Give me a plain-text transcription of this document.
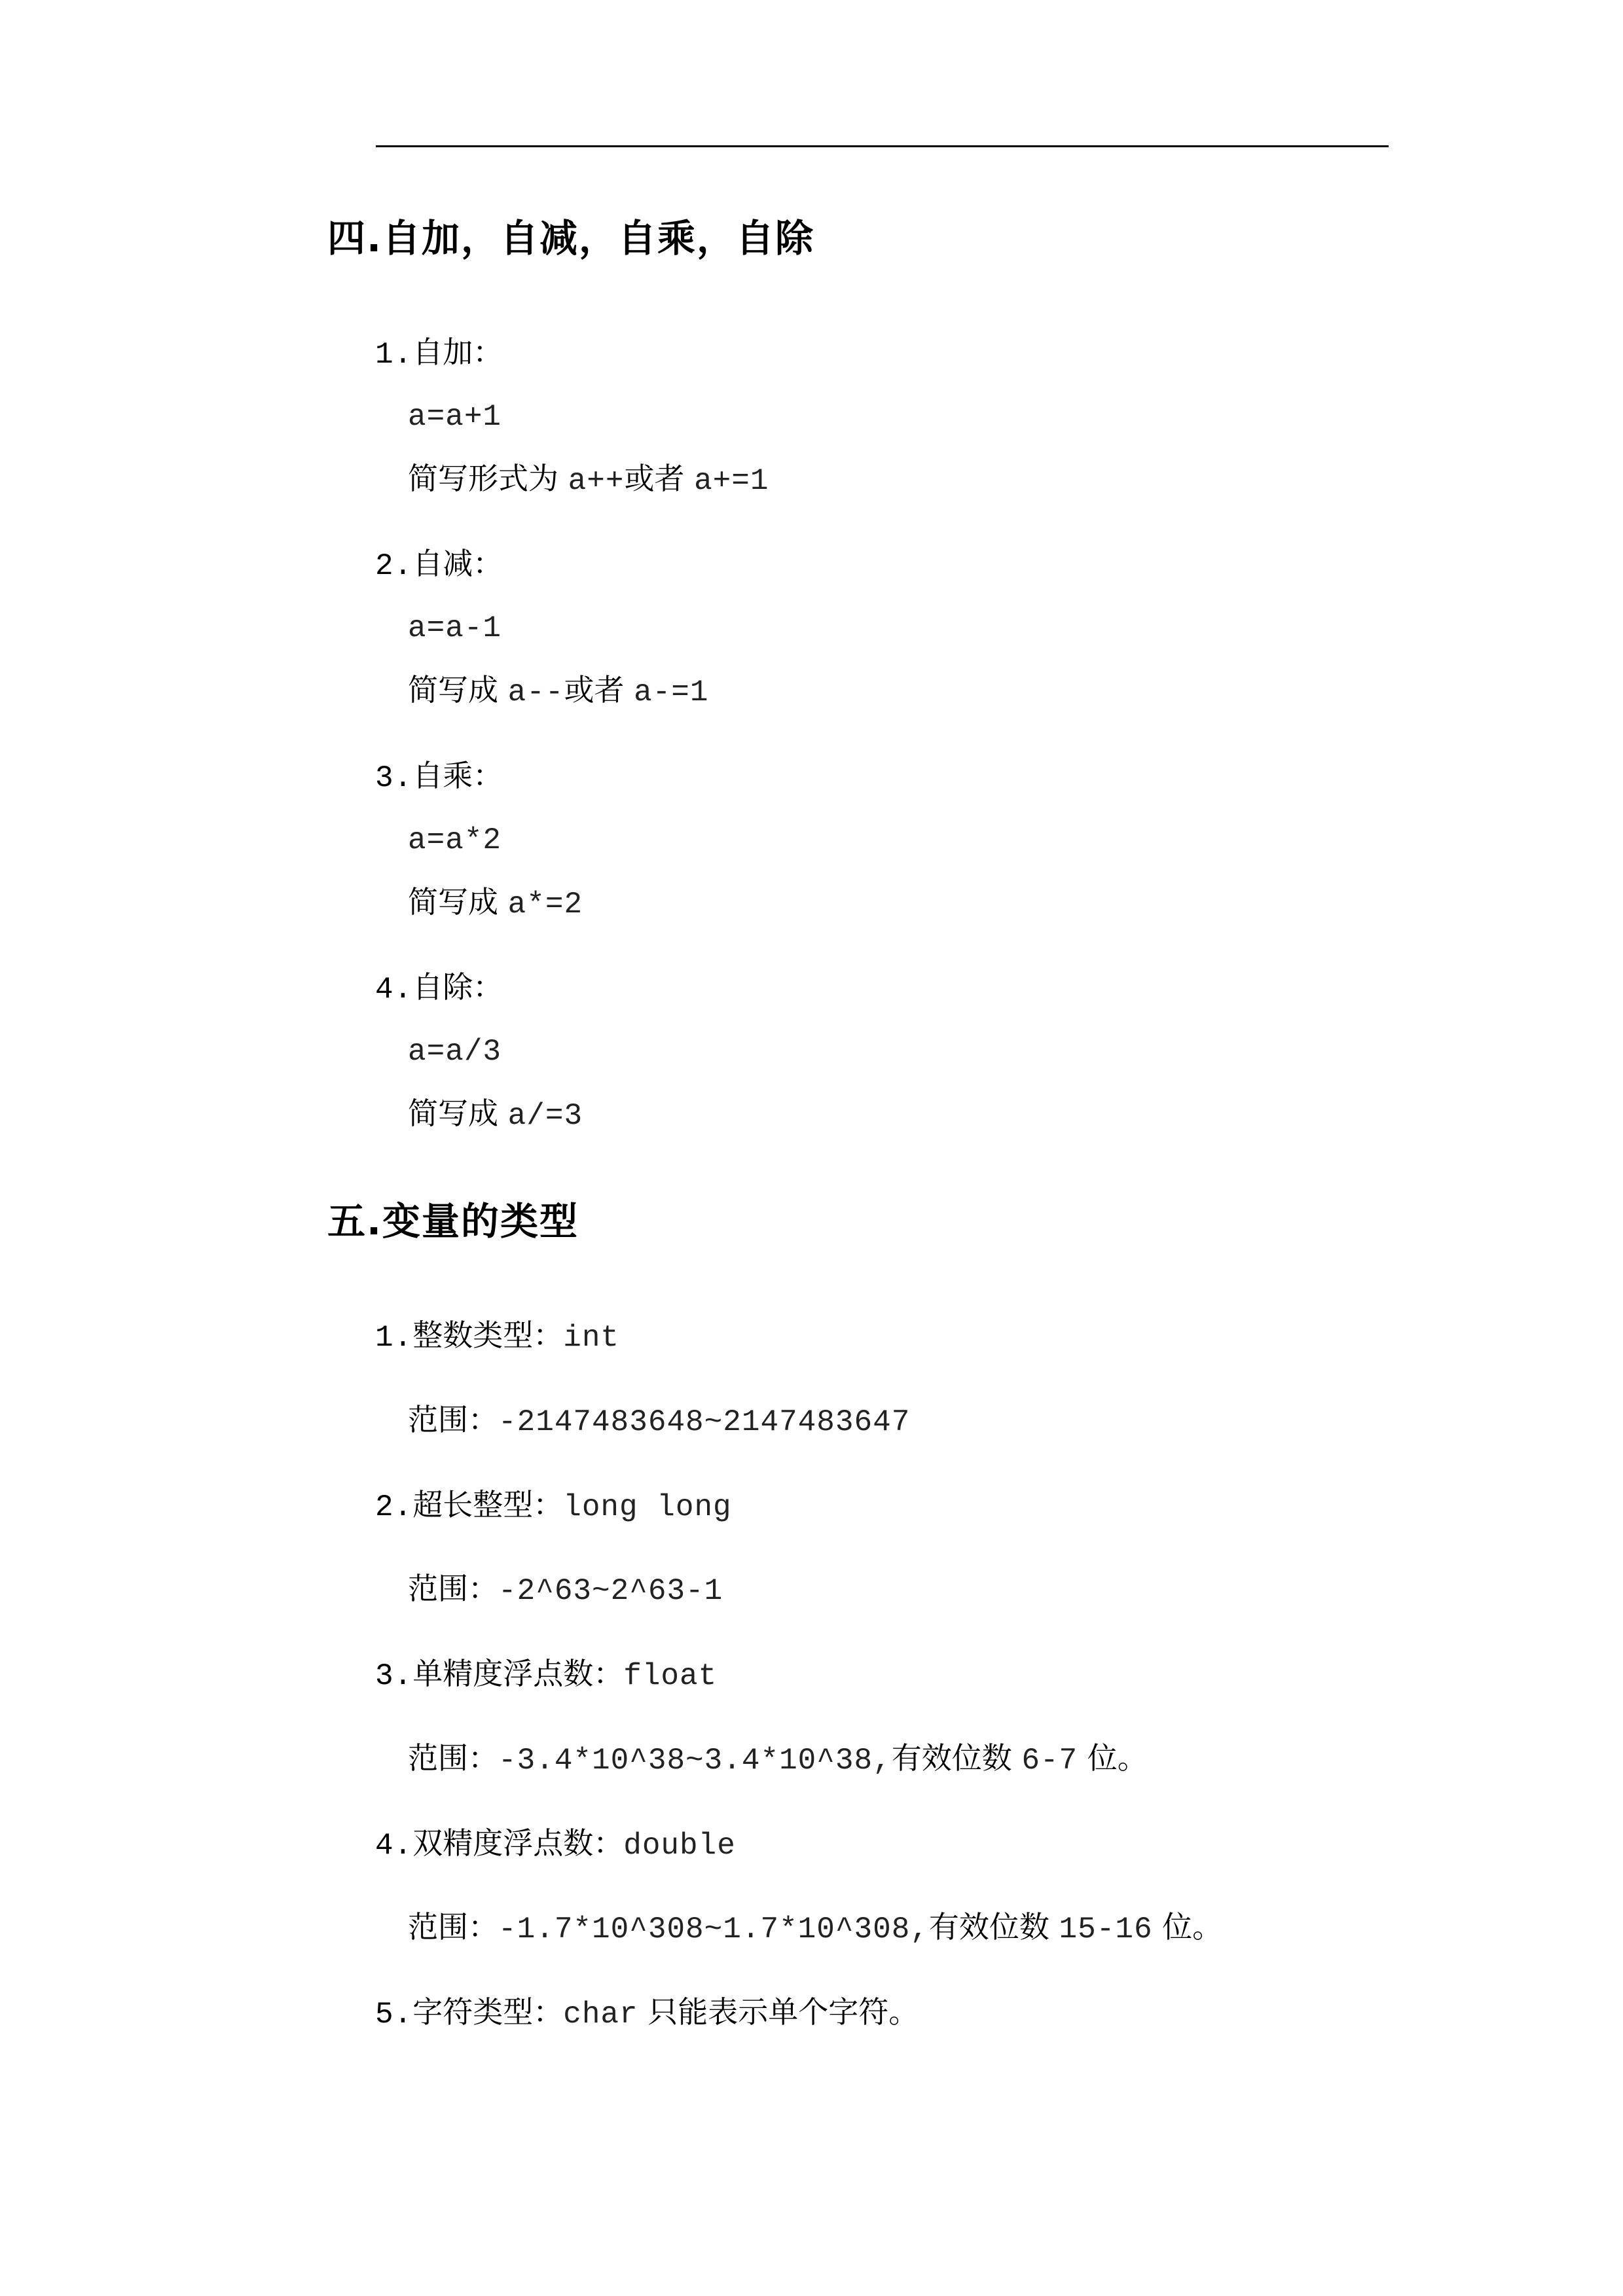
四.自加，自减，自乘，自除
1.自加：
a=a+1
简写形式为 a++或者 a+=1
2.自减：
a=a-1
简写成 a--或者 a-=1
3.自乘：
a=a*2
简写成 a*=2
4.自除：
a=a/3
简写成 a/=3
五.变量的类型
1.整数类型：int
范围：-2147483648~2147483647
2.超长整型：long long
范围：-2^63~2^63-1
3.单精度浮点数：float
范围：-3.4*10^38~3.4*10^38,有效位数 6-7 位。
4.双精度浮点数：double
范围：-1.7*10^308~1.7*10^308,有效位数 15-16 位。
5.字符类型：char 只能表示单个字符。
